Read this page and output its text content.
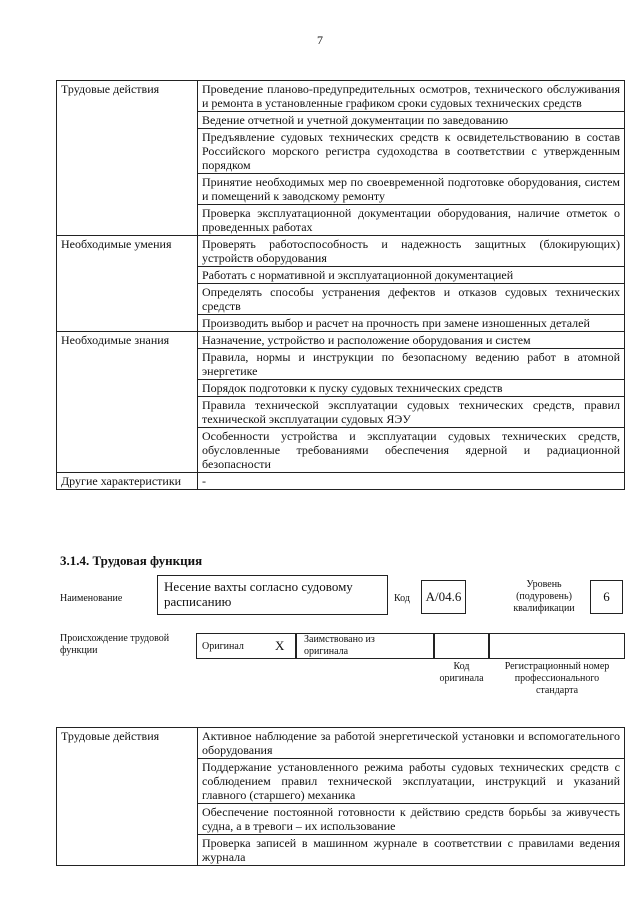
7
Трудовые действия	Проведение планово-предупредительных осмотров, технического обслуживания и ремонта в установленные графиком сроки судовых технических средств
	Ведение отчетной и учетной документации по заведованию
	Предъявление судовых технических средств к освидетельствованию в состав Российского морского регистра судоходства в соответствии с утвержденным порядком
	Принятие необходимых мер по своевременной подготовке оборудования, систем и помещений к заводскому ремонту
	Проверка эксплуатационной документации оборудования, наличие отметок о проведенных работах
Необходимые умения	Проверять работоспособность и надежность защитных (блокирующих) устройств оборудования
	Работать с нормативной и эксплуатационной документацией
	Определять способы устранения дефектов и отказов судовых технических средств
	Производить выбор и расчет на прочность при замене изношенных деталей
Необходимые знания	Назначение, устройство и расположение оборудования и систем
	Правила, нормы и инструкции по безопасному ведению работ в атомной энергетике
	Порядок подготовки к пуску судовых технических средств
	Правила технической эксплуатации судовых технических средств, правил технической эксплуатации судовых ЯЭУ
	Особенности устройства и эксплуатации судовых технических средств, обусловленные требованиями обеспечения ядерной и радиационной безопасности
Другие характеристики	-
3.1.4. Трудовая функция
Наименование
Несение вахты согласно судовому расписанию	Код	A/04.6
Уровень (подуровень) квалификации
6
Происхождение трудовой функции	Оригинал X Заимствовано из оригинала
Код оригинала
Регистрационный номер профессионального стандарта
Трудовые действия	Активное наблюдение за работой энергетической установки и вспомогательного оборудования
Поддержание установленного режима работы судовых технических средств с соблюдением правил технической эксплуатации, инструкций и указаний главного (старшего) механика
Обеспечение постоянной готовности к действию средств борьбы за живучесть судна, а в тревоги – их использование
Проверка записей в машинном журнале в соответствии с правилами ведения журнала
